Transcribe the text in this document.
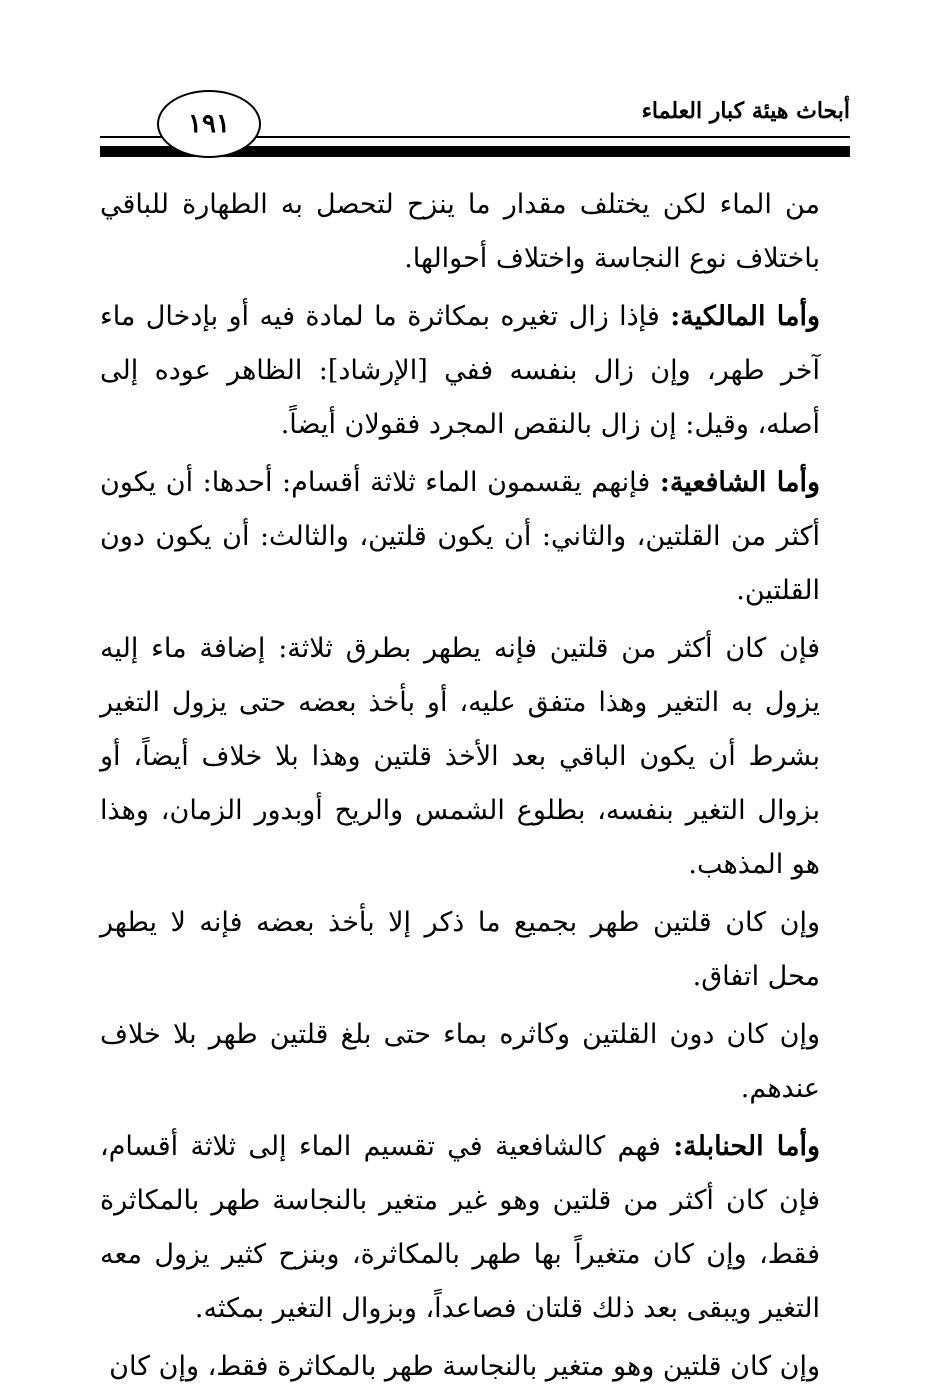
أبحاث هيئة كبار العلماء
١٩١

من الماء لكن يختلف مقدار ما ينزح لتحصل به الطهارة للباقي باختلاف نوع النجاسة واختلاف أحوالها.

وأما المالكية: فإذا زال تغيره بمكاثرة ما لمادة فيه أو بإدخال ماء آخر طهر، وإن زال بنفسه ففي [الإرشاد]: الظاهر عوده إلى أصله، وقيل: إن زال بالنقص المجرد فقولان أيضاً.

وأما الشافعية: فإنهم يقسمون الماء ثلاثة أقسام: أحدها: أن يكون أكثر من القلتين، والثاني: أن يكون قلتين، والثالث: أن يكون دون القلتين.

فإن كان أكثر من قلتين فإنه يطهر بطرق ثلاثة: إضافة ماء إليه يزول به التغير وهذا متفق عليه، أو بأخذ بعضه حتى يزول التغير بشرط أن يكون الباقي بعد الأخذ قلتين وهذا بلا خلاف أيضاً، أو بزوال التغير بنفسه، بطلوع الشمس والريح أوبدور الزمان، وهذا هو المذهب.

وإن كان قلتين طهر بجميع ما ذكر إلا بأخذ بعضه فإنه لا يطهر محل اتفاق.

وإن كان دون القلتين وكاثره بماء حتى بلغ قلتين طهر بلا خلاف عندهم.

وأما الحنابلة: فهم كالشافعية في تقسيم الماء إلى ثلاثة أقسام، فإن كان أكثر من قلتين وهو غير متغير بالنجاسة طهر بالمكاثرة فقط، وإن كان متغيراً بها طهر بالمكاثرة، وبنزح كثير يزول معه التغير ويبقى بعد ذلك قلتان فصاعداً، وبزوال التغير بمكثه.

وإن كان قلتين وهو متغير بالنجاسة طهر بالمكاثرة فقط، وإن كان
